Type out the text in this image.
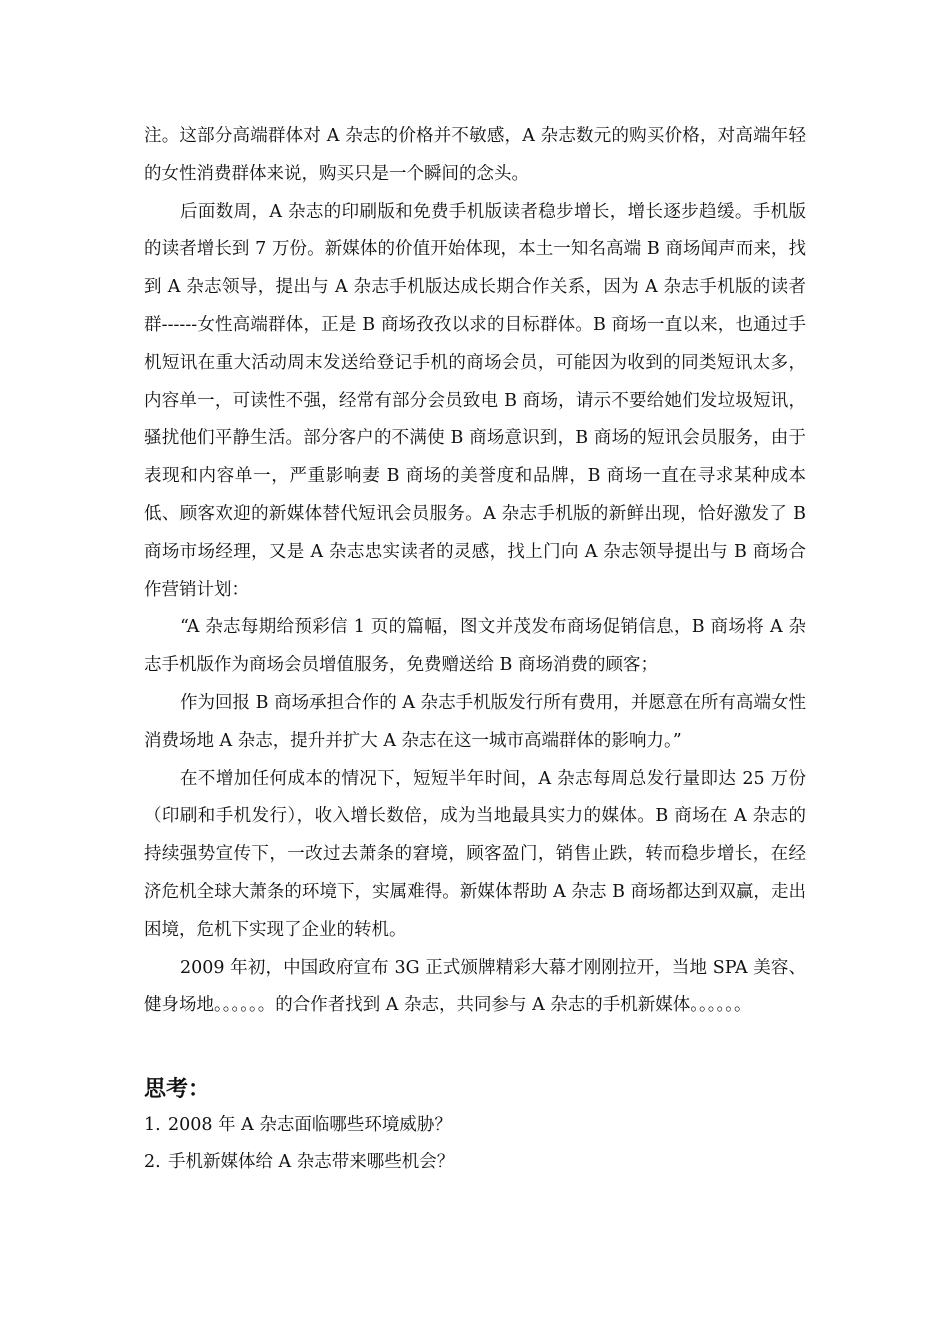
注。这部分高端群体对 A 杂志的价格并不敏感，A 杂志数元的购买价格，对高端年轻的女性消费群体来说，购买只是一个瞬间的念头。

后面数周，A 杂志的印刷版和免费手机版读者稳步增长，增长逐步趋缓。手机版的读者增长到 7 万份。新媒体的价值开始体现，本土一知名高端 B 商场闻声而来，找到 A 杂志领导，提出与 A 杂志手机版达成长期合作关系，因为 A 杂志手机版的读者群------女性高端群体，正是 B 商场孜孜以求的目标群体。B 商场一直以来，也通过手机短讯在重大活动周末发送给登记手机的商场会员，可能因为收到的同类短讯太多，内容单一，可读性不强，经常有部分会员致电 B 商场，请示不要给她们发垃圾短讯，骚扰他们平静生活。部分客户的不满使 B 商场意识到，B 商场的短讯会员服务，由于表现和内容单一，严重影响妻 B 商场的美誉度和品牌，B 商场一直在寻求某种成本低、顾客欢迎的新媒体替代短讯会员服务。A 杂志手机版的新鲜出现，恰好激发了 B 商场市场经理，又是 A 杂志忠实读者的灵感，找上门向 A 杂志领导提出与 B 商场合作营销计划：

“A 杂志每期给预彩信 1 页的篇幅，图文并茂发布商场促销信息，B 商场将 A 杂志手机版作为商场会员增值服务，免费赠送给 B 商场消费的顾客；

作为回报 B 商场承担合作的 A 杂志手机版发行所有费用，并愿意在所有高端女性消费场地 A 杂志，提升并扩大 A 杂志在这一城市高端群体的影响力。”

在不增加任何成本的情况下，短短半年时间，A 杂志每周总发行量即达 25 万份（印刷和手机发行），收入增长数倍，成为当地最具实力的媒体。B 商场在 A 杂志的持续强势宣传下，一改过去萧条的窘境，顾客盈门，销售止跌，转而稳步增长，在经济危机全球大萧条的环境下，实属难得。新媒体帮助 A 杂志 B 商场都达到双赢，走出困境，危机下实现了企业的转机。

2009 年初，中国政府宣布 3G 正式颁牌精彩大幕才刚刚拉开，当地 SPA 美容、健身场地。。。。。。的合作者找到 A 杂志，共同参与 A 杂志的手机新媒体。。。。。。

思考：

1. 2008 年 A 杂志面临哪些环境威胁？

2. 手机新媒体给 A 杂志带来哪些机会？
